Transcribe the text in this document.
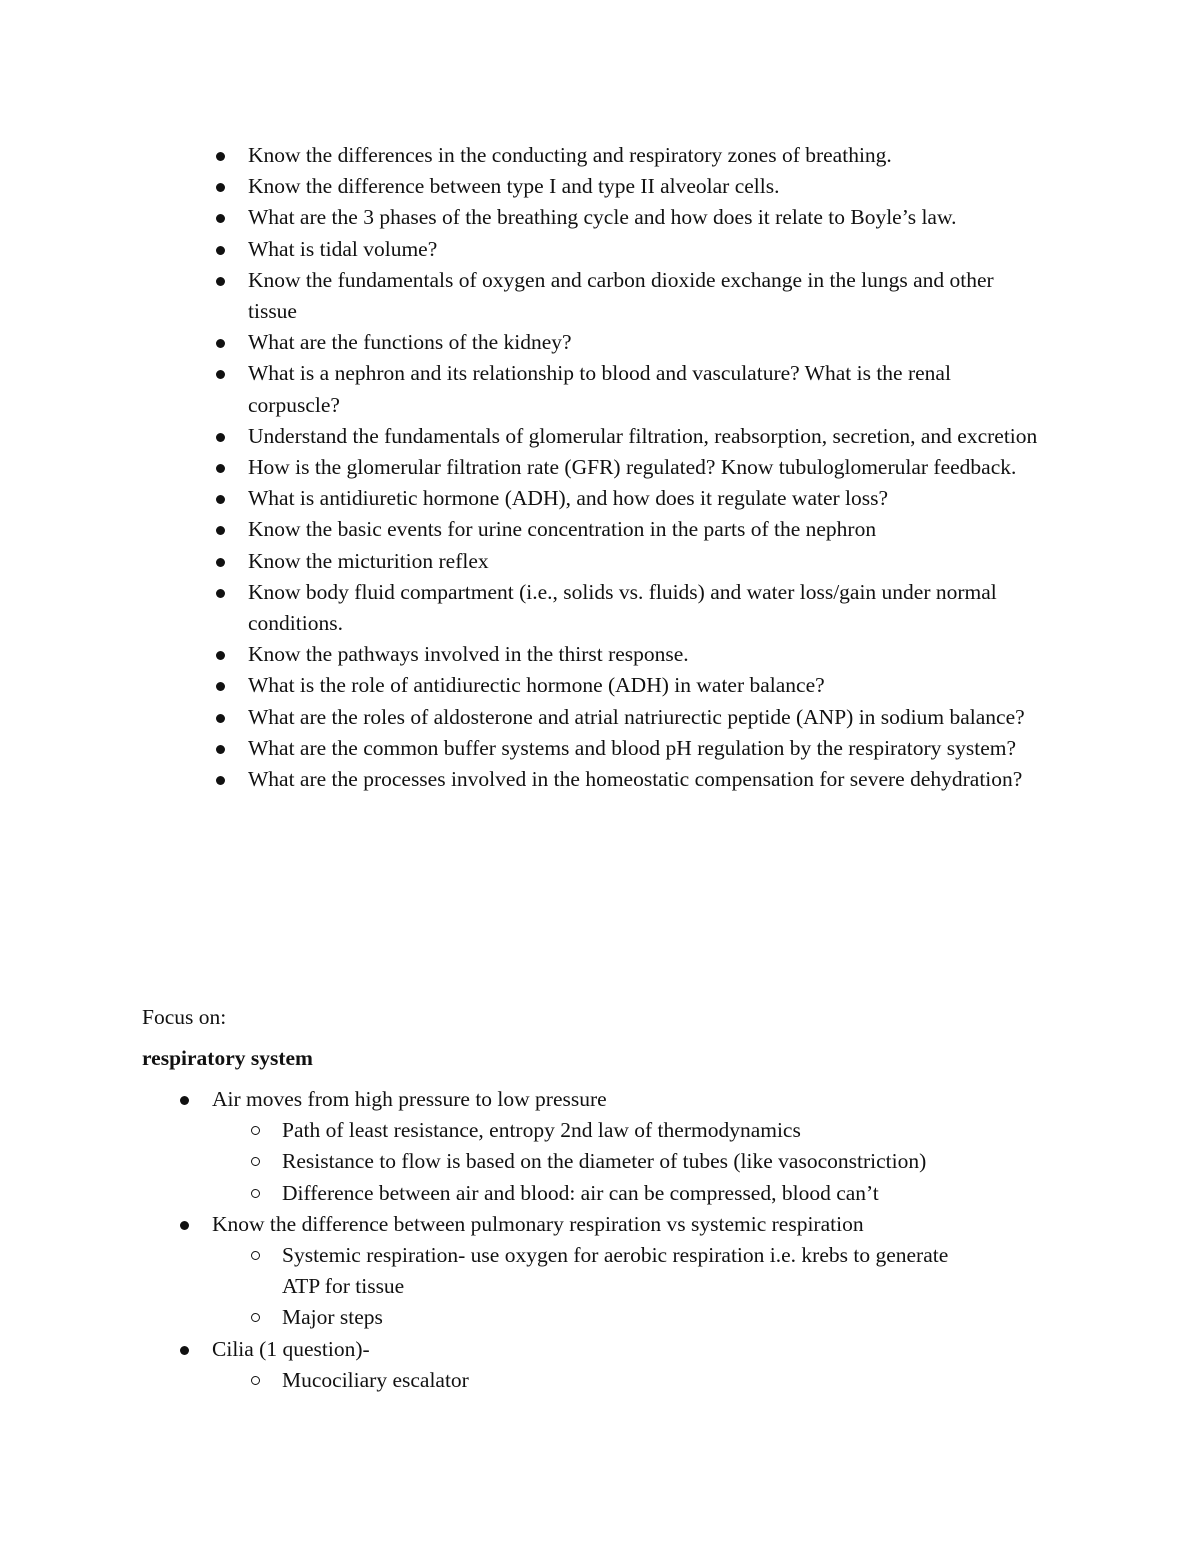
Know the differences in the conducting and respiratory zones of breathing.
Know the difference between type I and type II alveolar cells.
What are the 3 phases of the breathing cycle and how does it relate to Boyle’s law.
What is tidal volume?
Know the fundamentals of oxygen and carbon dioxide exchange in the lungs and other tissue
What are the functions of the kidney?
What is a nephron and its relationship to blood and vasculature? What is the renal corpuscle?
Understand the fundamentals of glomerular filtration, reabsorption, secretion, and excretion
How is the glomerular filtration rate (GFR) regulated? Know tubuloglomerular feedback.
What is antidiuretic hormone (ADH), and how does it regulate water loss?
Know the basic events for urine concentration in the parts of the nephron
Know the micturition reflex
Know body fluid compartment (i.e., solids vs. fluids) and water loss/gain under normal conditions.
Know the pathways involved in the thirst response.
What is the role of antidiurectic hormone (ADH) in water balance?
What are the roles of aldosterone and atrial natriurectic peptide (ANP) in sodium balance?
What are the common buffer systems and blood pH regulation by the respiratory system?
What are the processes involved in the homeostatic compensation for severe dehydration?
Focus on:
respiratory system
Air moves from high pressure to low pressure
Path of least resistance, entropy 2nd law of thermodynamics
Resistance to flow is based on the diameter of tubes (like vasoconstriction)
Difference between air and blood: air can be compressed, blood can’t
Know the difference between pulmonary respiration vs systemic respiration
Systemic respiration- use oxygen for aerobic respiration i.e. krebs to generate ATP for tissue
Major steps
Cilia (1 question)-
Mucociliary escalator
